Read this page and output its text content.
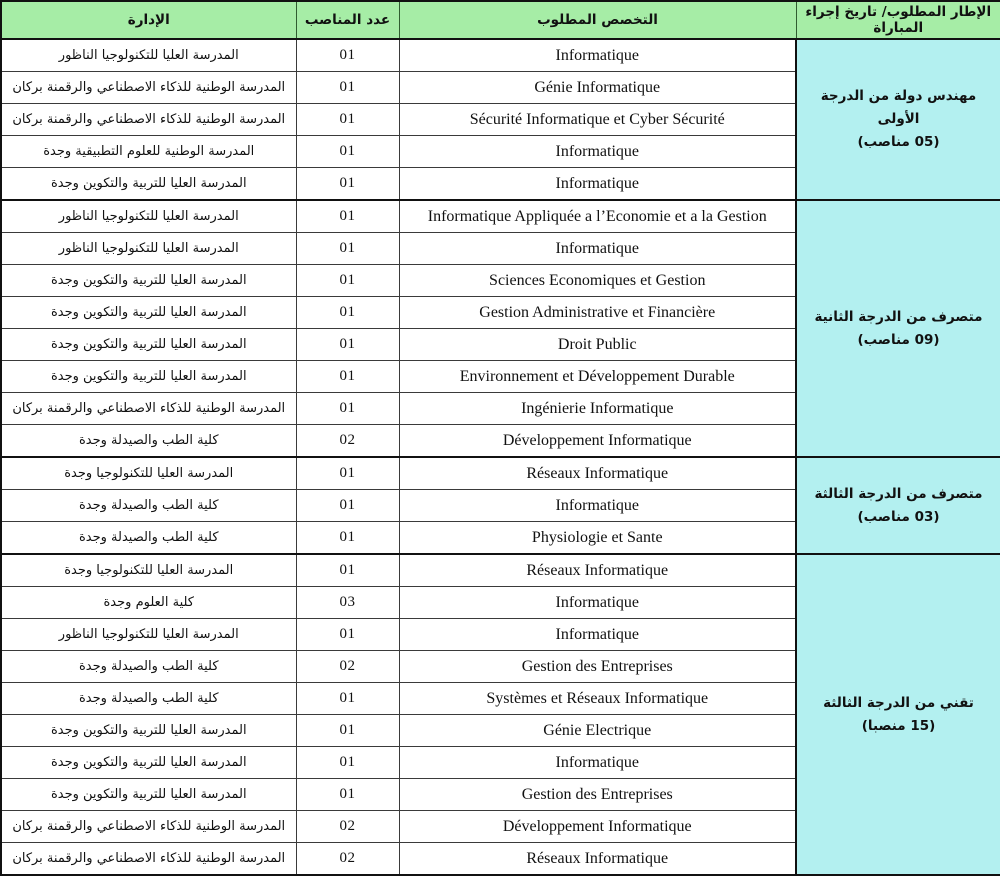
الإدارة	عدد المناصب	التخصص المطلوب	الإطار المطلوب/ تاريخ إجراء المباراة
المدرسة العليا للتكنولوجيا الناظور	01	Informatique	مهندس دولة من الدرجة الأولى
(05 مناصب)

المدرسة الوطنية للذكاء الاصطناعي والرقمنة بركان	01	Génie Informatique	
المدرسة الوطنية للذكاء الاصطناعي والرقمنة بركان	01	Sécurité Informatique et Cyber Sécurité	
المدرسة الوطنية للعلوم التطبيقية وجدة	01	Informatique	
المدرسة العليا للتربية والتكوين وجدة	01	Informatique	
المدرسة العليا للتكنولوجيا الناظور	01	Informatique Appliquée a l’Economie et a la Gestion	متصرف من الدرجة الثانية
(09 مناصب)

المدرسة العليا للتكنولوجيا الناظور	01	Informatique	
المدرسة العليا للتربية والتكوين وجدة	01	Sciences Economiques et Gestion	
المدرسة العليا للتربية والتكوين وجدة	01	Gestion Administrative et Financière	
المدرسة العليا للتربية والتكوين وجدة	01	Droit Public	
المدرسة العليا للتربية والتكوين وجدة	01	Environnement et Développement Durable	
المدرسة الوطنية للذكاء الاصطناعي والرقمنة بركان	01	Ingénierie Informatique	
كلية الطب والصيدلة وجدة	02	Développement Informatique	
المدرسة العليا للتكنولوجيا وجدة	01	Réseaux Informatique	متصرف من الدرجة الثالثة
(03 مناصب)

كلية الطب والصيدلة وجدة	01	Informatique	
كلية الطب والصيدلة وجدة	01	Physiologie et Sante	
المدرسة العليا للتكنولوجيا وجدة	01	Réseaux Informatique	تقني من الدرجة الثالثة
(15 منصبا)

كلية العلوم وجدة	03	Informatique	
المدرسة العليا للتكنولوجيا الناظور	01	Informatique	
كلية الطب والصيدلة وجدة	02	Gestion des Entreprises	
كلية الطب والصيدلة وجدة	01	Systèmes et Réseaux Informatique	
المدرسة العليا للتربية والتكوين وجدة	01	Génie Electrique	
المدرسة العليا للتربية والتكوين وجدة	01	Informatique	
المدرسة العليا للتربية والتكوين وجدة	01	Gestion des Entreprises	
المدرسة الوطنية للذكاء الاصطناعي والرقمنة بركان	02	Développement Informatique	
المدرسة الوطنية للذكاء الاصطناعي والرقمنة بركان	02	Réseaux Informatique	
